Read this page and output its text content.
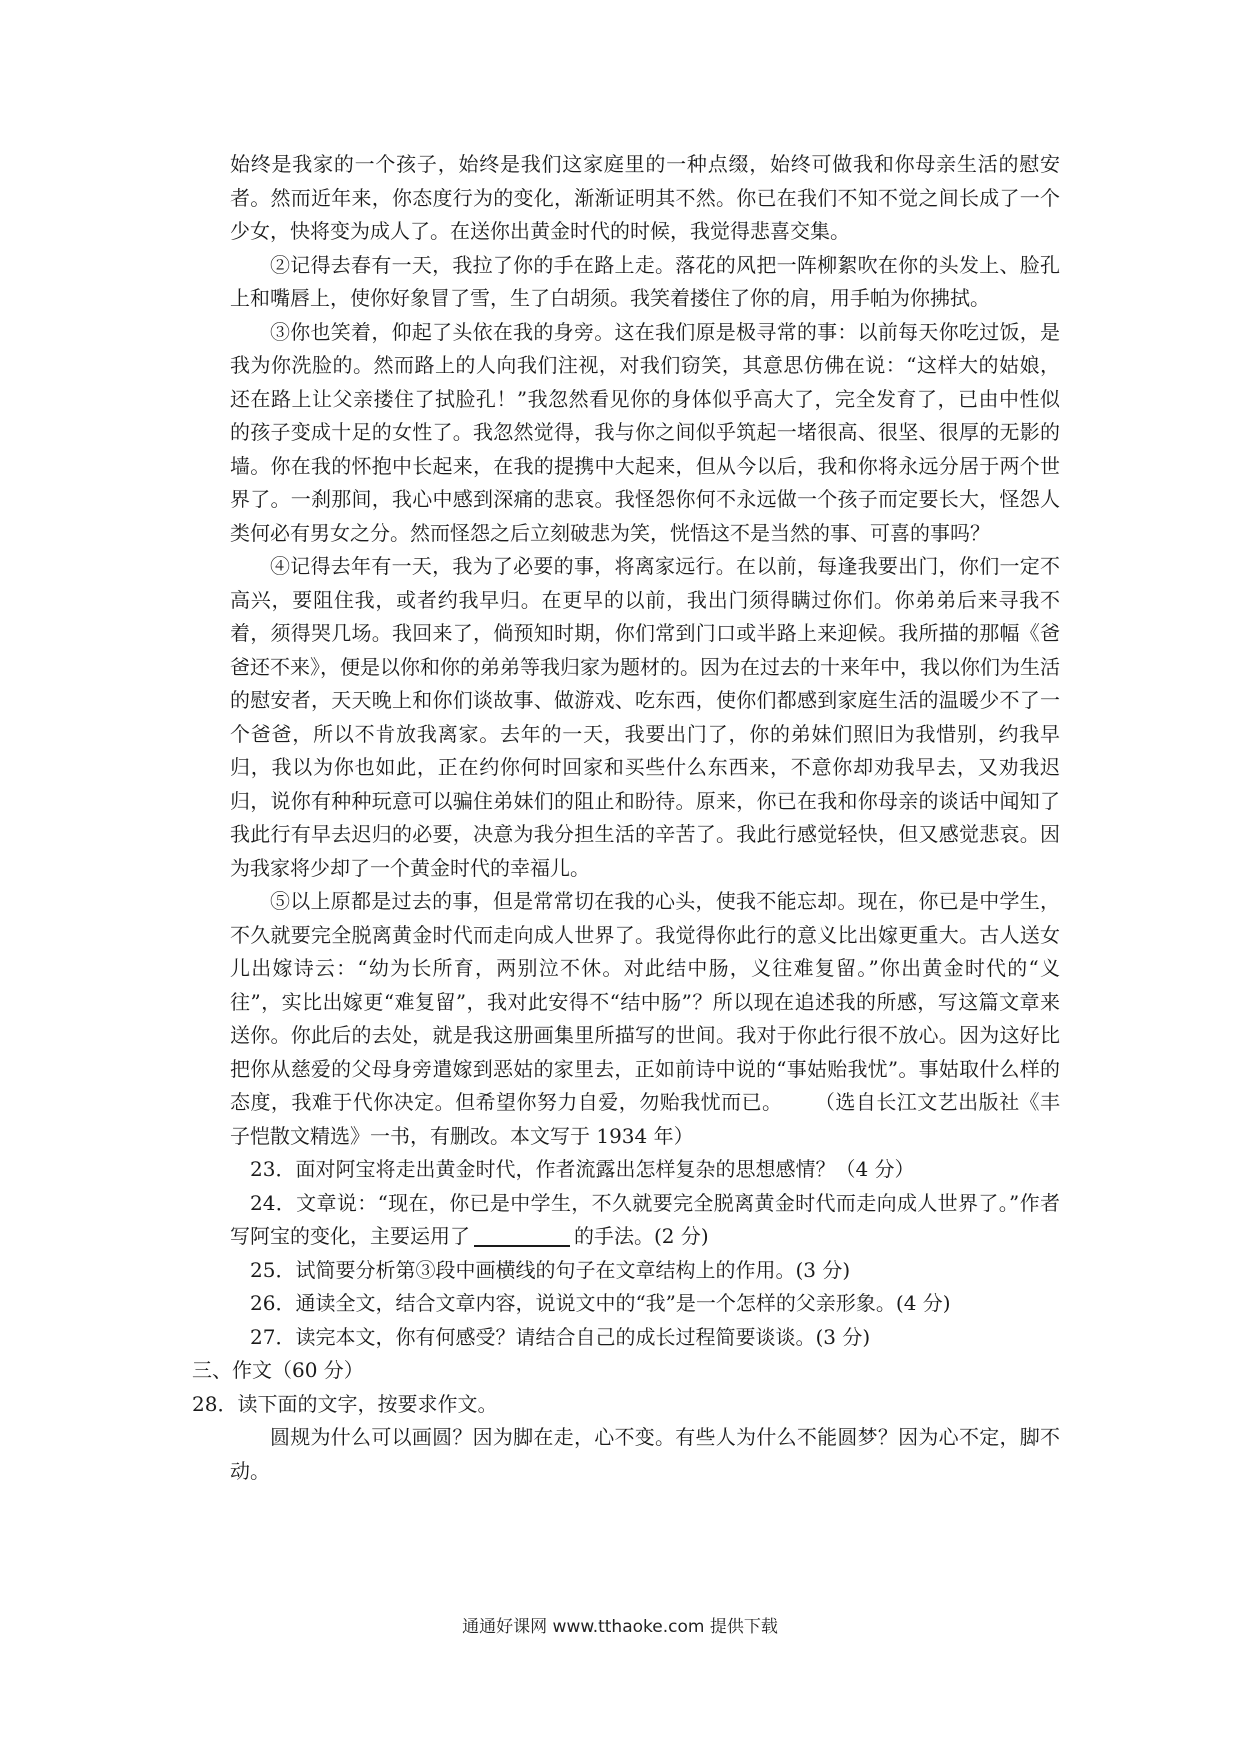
始终是我家的一个孩子，始终是我们这家庭里的一种点缀，始终可做我和你母亲生活的慰安者。然而近年来，你态度行为的变化，渐渐证明其不然。你已在我们不知不觉之间长成了一个少女，快将变为成人了。在送你出黄金时代的时候，我觉得悲喜交集。

②记得去春有一天，我拉了你的手在路上走。落花的风把一阵柳絮吹在你的头发上、脸孔上和嘴唇上，使你好象冒了雪，生了白胡须。我笑着搂住了你的肩，用手帕为你拂拭。

③你也笑着，仰起了头依在我的身旁。这在我们原是极寻常的事：以前每天你吃过饭，是我为你洗脸的。然而路上的人向我们注视，对我们窃笑，其意思仿佛在说：“这样大的姑娘，还在路上让父亲搂住了拭脸孔！”我忽然看见你的身体似乎高大了，完全发育了，已由中性似的孩子变成十足的女性了。我忽然觉得，我与你之间似乎筑起一堵很高、很坚、很厚的无影的墙。你在我的怀抱中长起来，在我的提携中大起来，但从今以后，我和你将永远分居于两个世界了。一刹那间，我心中感到深痛的悲哀。我怪怨你何不永远做一个孩子而定要长大，怪怨人类何必有男女之分。然而怪怨之后立刻破悲为笑，恍悟这不是当然的事、可喜的事吗？

④记得去年有一天，我为了必要的事，将离家远行。在以前，每逢我要出门，你们一定不高兴，要阻住我，或者约我早归。在更早的以前，我出门须得瞒过你们。你弟弟后来寻我不着，须得哭几场。我回来了，倘预知时期，你们常到门口或半路上来迎候。我所描的那幅《爸爸还不来》，便是以你和你的弟弟等我归家为题材的。因为在过去的十来年中，我以你们为生活的慰安者，天天晚上和你们谈故事、做游戏、吃东西，使你们都感到家庭生活的温暖少不了一个爸爸，所以不肯放我离家。去年的一天，我要出门了，你的弟妹们照旧为我惜别，约我早归，我以为你也如此，正在约你何时回家和买些什么东西来，不意你却劝我早去，又劝我迟归，说你有种种玩意可以骗住弟妹们的阻止和盼待。原来，你已在我和你母亲的谈话中闻知了我此行有早去迟归的必要，决意为我分担生活的辛苦了。我此行感觉轻快，但又感觉悲哀。因为我家将少却了一个黄金时代的幸福儿。

⑤以上原都是过去的事，但是常常切在我的心头，使我不能忘却。现在，你已是中学生，不久就要完全脱离黄金时代而走向成人世界了。我觉得你此行的意义比出嫁更重大。古人送女儿出嫁诗云：“幼为长所育，两别泣不休。对此结中肠，义往难复留。”你出黄金时代的“义往”，实比出嫁更“难复留”，我对此安得不“结中肠”？所以现在追述我的所感，写这篇文章来送你。你此后的去处，就是我这册画集里所描写的世间。我对于你此行很不放心。因为这好比把你从慈爱的父母身旁遣嫁到恶姑的家里去，正如前诗中说的“事姑贻我忧”。事姑取什么样的态度，我难于代你决定。但希望你努力自爱，勿贻我忧而已。 （选自长江文艺出版社《丰子恺散文精选》一书，有删改。本文写于 1934 年）

23．面对阿宝将走出黄金时代，作者流露出怎样复杂的思想感情？（4 分）

24．文章说：“现在，你已是中学生，不久就要完全脱离黄金时代而走向成人世界了。”作者写阿宝的变化，主要运用了	的手法。(2 分)

25．试简要分析第③段中画横线的句子在文章结构上的作用。(3 分)

26．通读全文，结合文章内容，说说文中的“我”是一个怎样的父亲形象。(4 分)

27．读完本文，你有何感受？请结合自己的成长过程简要谈谈。(3 分)

三、作文（60 分）

28．读下面的文字，按要求作文。

圆规为什么可以画圆？因为脚在走，心不变。有些人为什么不能圆梦？因为心不定，脚不动。

通通好课网 www.tthaoke.com 提供下载
